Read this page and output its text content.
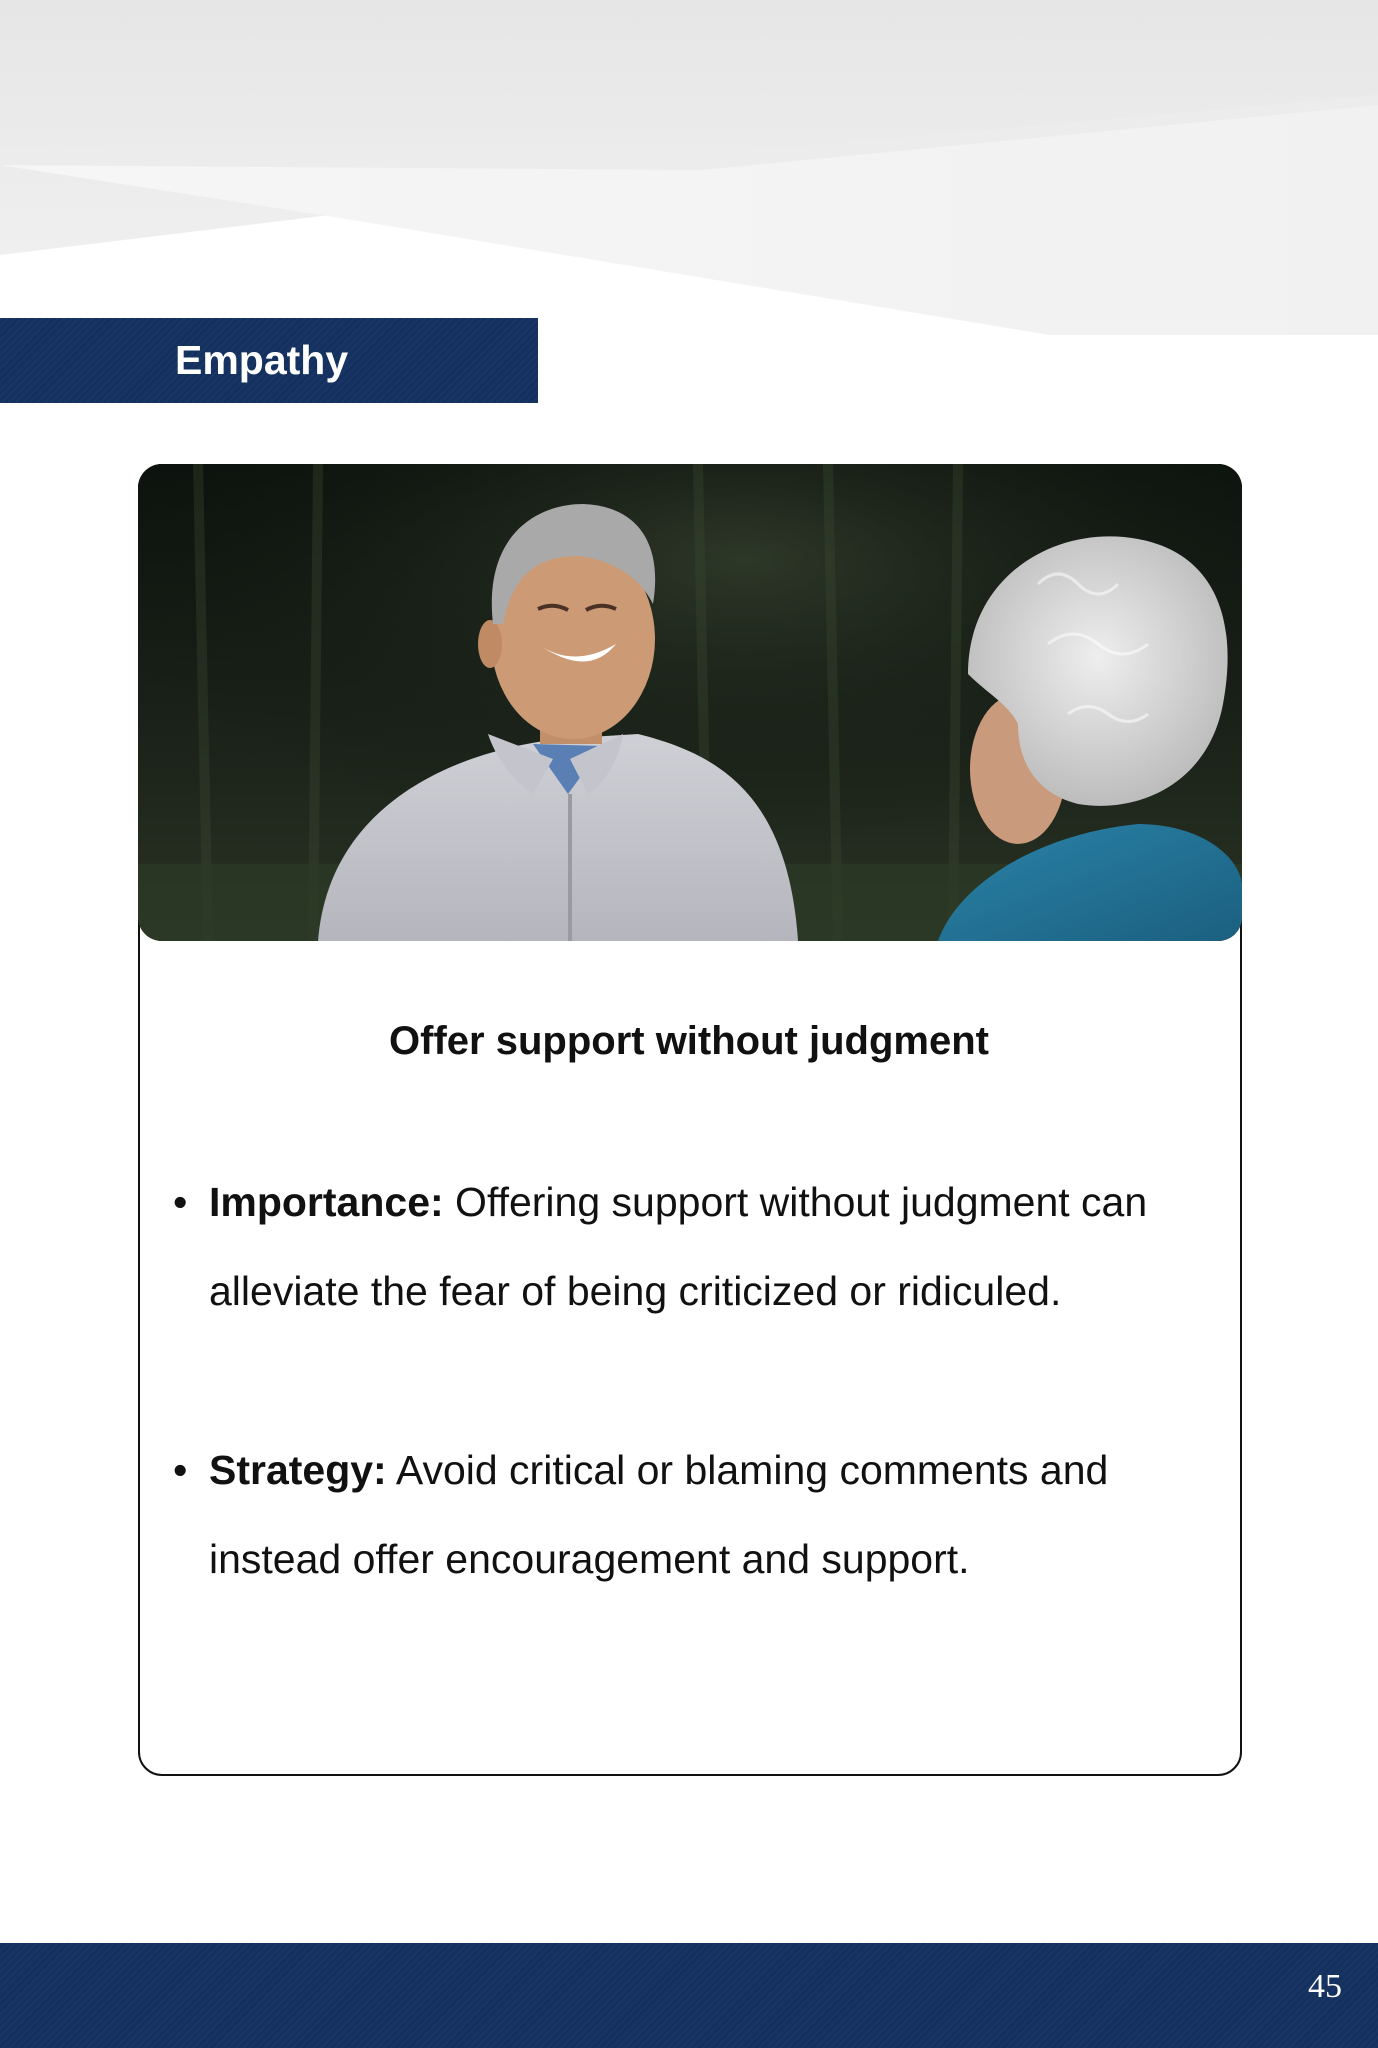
Empathy
Offer support without judgment
• Importance: Offering support without judgment can alleviate the fear of being criticized or ridiculed.
• Strategy: Avoid critical or blaming comments and instead offer encouragement and support.
45
